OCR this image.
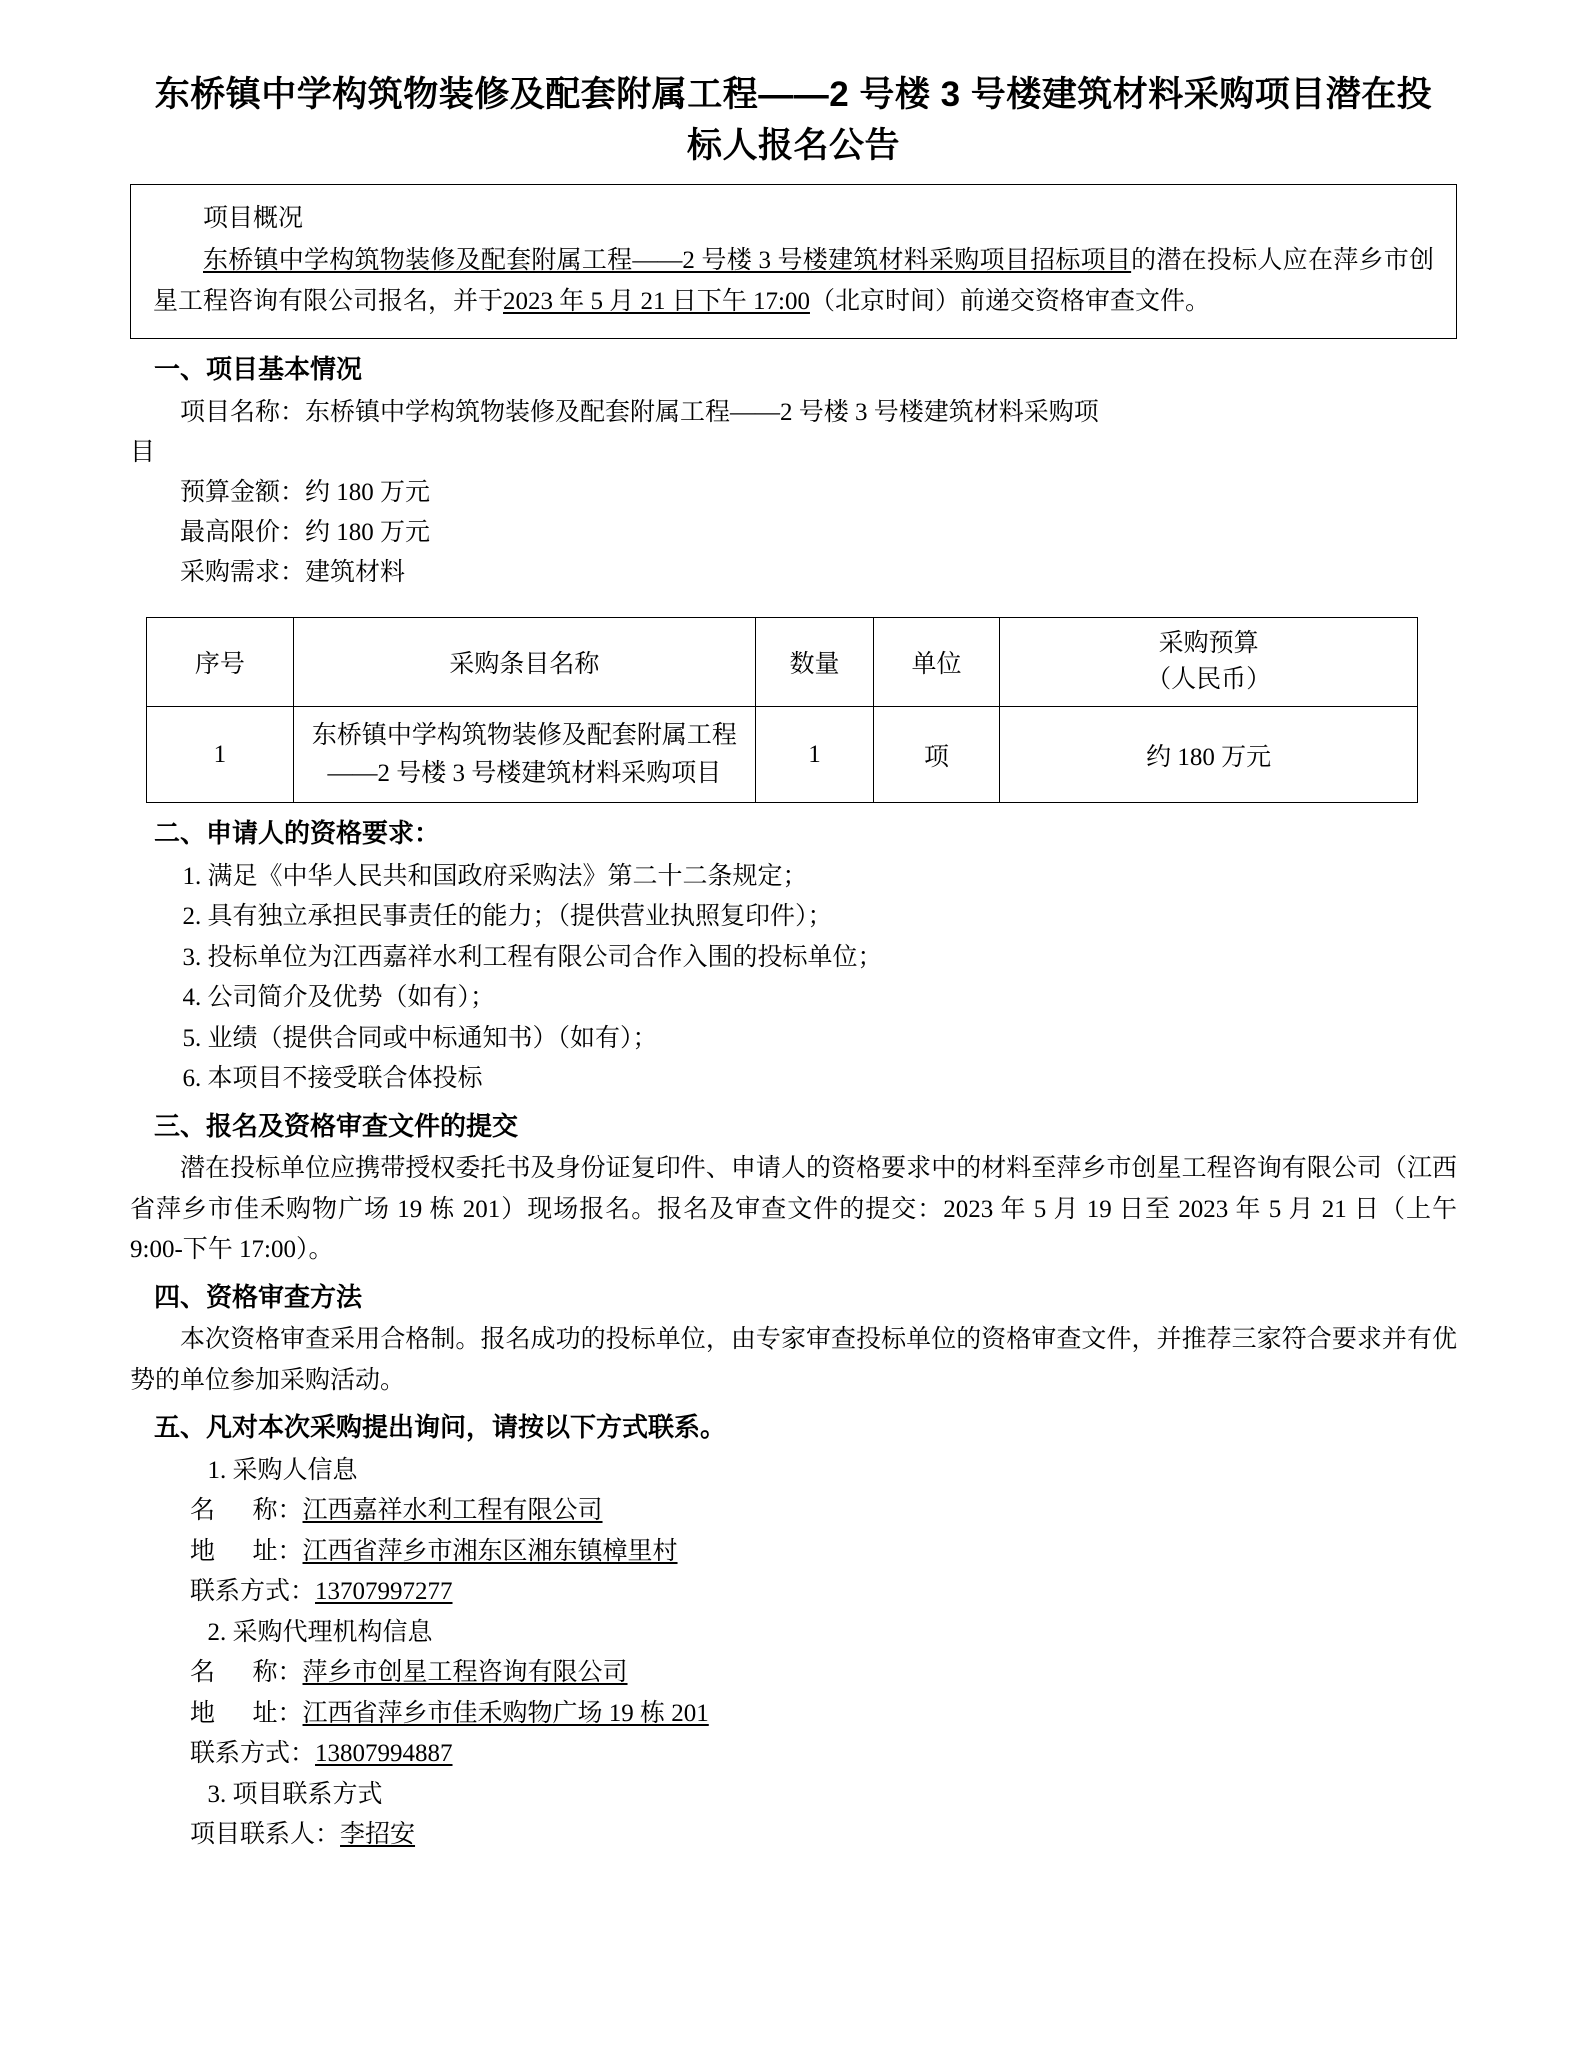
东桥镇中学构筑物装修及配套附属工程——2 号楼 3 号楼建筑材料采购项目潜在投标人报名公告
项目概况
东桥镇中学构筑物装修及配套附属工程——2 号楼 3 号楼建筑材料采购项目招标项目的潜在投标人应在萍乡市创星工程咨询有限公司报名，并于2023 年 5 月 21 日下午 17:00（北京时间）前递交资格审查文件。
一、项目基本情况

项目名称：东桥镇中学构筑物装修及配套附属工程——2 号楼 3 号楼建筑材料采购项

目

预算金额：约 180 万元

最高限价：约 180 万元

采购需求：建筑材料

序号	采购条目名称	数量	单位	采购预算
（人民币）

1	东桥镇中学构筑物装修及配套附属工程——2 号楼 3 号楼建筑材料采购项目	1	项	约 180 万元
二、申请人的资格要求：

1. 满足《中华人民共和国政府采购法》第二十二条规定；

2. 具有独立承担民事责任的能力；（提供营业执照复印件）；

3. 投标单位为江西嘉祥水利工程有限公司合作入围的投标单位；

4. 公司简介及优势（如有）；

5. 业绩（提供合同或中标通知书）（如有）；

6. 本项目不接受联合体投标

三、报名及资格审查文件的提交

潜在投标单位应携带授权委托书及身份证复印件、申请人的资格要求中的材料至萍乡市创星工程咨询有限公司（江西省萍乡市佳禾购物广场 19 栋 201）现场报名。报名及审查文件的提交：2023 年 5 月 19 日至 2023 年 5 月 21 日（上午 9:00-下午 17:00）。

四、资格审查方法

本次资格审查采用合格制。报名成功的投标单位，由专家审查投标单位的资格审查文件，并推荐三家符合要求并有优势的单位参加采购活动。

五、凡对本次采购提出询问，请按以下方式联系。

1. 采购人信息

名      称：江西嘉祥水利工程有限公司

地      址：江西省萍乡市湘东区湘东镇樟里村

联系方式：13707997277

2. 采购代理机构信息

名      称：萍乡市创星工程咨询有限公司

地      址：江西省萍乡市佳禾购物广场 19 栋 201

联系方式：13807994887

3. 项目联系方式

项目联系人：李招安
